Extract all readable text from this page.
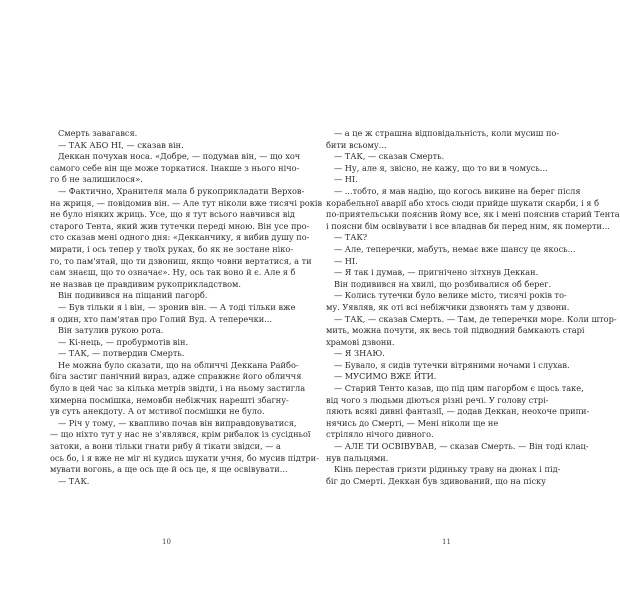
Смерть завагався.
— ТАК АБО НІ, — сказав він.
Деккан почухав носа. «Добре, — подумав він, — що хоч
самого себе він ще може торкатися. Інакше з нього нічо-
го б не залишилося».
— Фактично, Хранителя мала б рукоприкладати Верхов-
на жриця, — повідомив він. — Але тут ніколи вже тисячі років
не було ніяких жриць. Усе, що я тут всього навчився від
старого Тента, який жив тутечки переді мною. Він усе про-
сто сказав мені одного дня: «Декканчику, я вибив душу по-
мирати, і ось тепер у твоїх руках, бо як не зостане ніко-
го, то пам'ятай, що ти дзвониш, якщо човни вертатися, а ти
сам знаєш, що то означає». Ну, ось так воно й є. Але я б
не назвав це правдивим рукоприкладством.
Він подивився на піщаний пагорб.
— Був тільки я і він, — зронив він. — А тоді тільки вже
я один, хто пам'ятав про Голий Вуд. А теперечки...
Він затулив рукою рота.
— Кі-нець, — пробурмотів він.
— ТАК, — потвердив Смерть.
Не можна було сказати, що на обличчі Деккана Райбо-
біга застиг панічний вираз, адже справжнє його обличчя
було в цей час за кілька метрів звідти, і на ньому застигла
химерна посмішка, немовби небіжчик нарешті збагну-
ув суть анекдоту. А от мстивої посмішки не було.
— Річ у тому, — квапливо почав він виправдовуватися,
— що ніхто тут у нас не з'являвся, крім рибалок із сусідньої
затоки, а вони тільки гнати рибу й тікати звідси, — а
ось бо, і я вже не міг ні кудись шукати учня, бо мусив підтри-
мувати вогонь, а ще ось ще й ось це, я ще освівувати...
— ТАК.
10
— а це ж страшна відповідальність, коли мусиш по-
бити всьому...
— ТАК, — сказав Смерть.
— Ну, але я, звісно, не кажу, що то ви в чомусь...
— НІ.
— ...тобто, я мав надію, що когось викине на берег після
корабельної аварії або хтось сюди прийде шукати скарби, і я б
по-приятельськи пояснив йому все, як і мені пояснив старий Тента
і поясни бім освівувати і все владнав би перед ним, як померти...
— ТАК?
— Але, теперечки, мабуть, немає вже шансу це якось...
— НІ.
— Я так і думав, — пригнічено зітхнув Деккан.
Він подивився на хвилі, що розбивалися об берег.
— Колись тутечки було велике місто, тисячі років то-
му. Уявляв, як оті всі небіжчики дзвонять там у дзвони.
— ТАК, — сказав Смерть. — Там, де теперечки море. Коли штор-
мить, можна почути, як весь той підводний бамкають старі
храмові дзвони.
— Я ЗНАЮ.
— Бувало, я сидів тутечки вітряними ночами і слухав.
— МУСИМО ВЖЕ ЙТИ.
— Старий Тенто казав, що під цим пагорбом є щось таке,
від чого з людьми діються різні речі. У голову стрі-
ляють всякі дивні фантазії, — додав Деккан, неохоче припи-
нячись до Смерті, — Мені ніколи ще не
стріляло нічого дивного.
— АЛЕ ТИ ОСВІВУВАВ, — сказав Смерть. — Він тоді клац-
нув пальцями.
Кінь перестав гризти рідиньку траву на дюнах і під-
біг до Смерті. Деккан був здивований, що на піску
11
